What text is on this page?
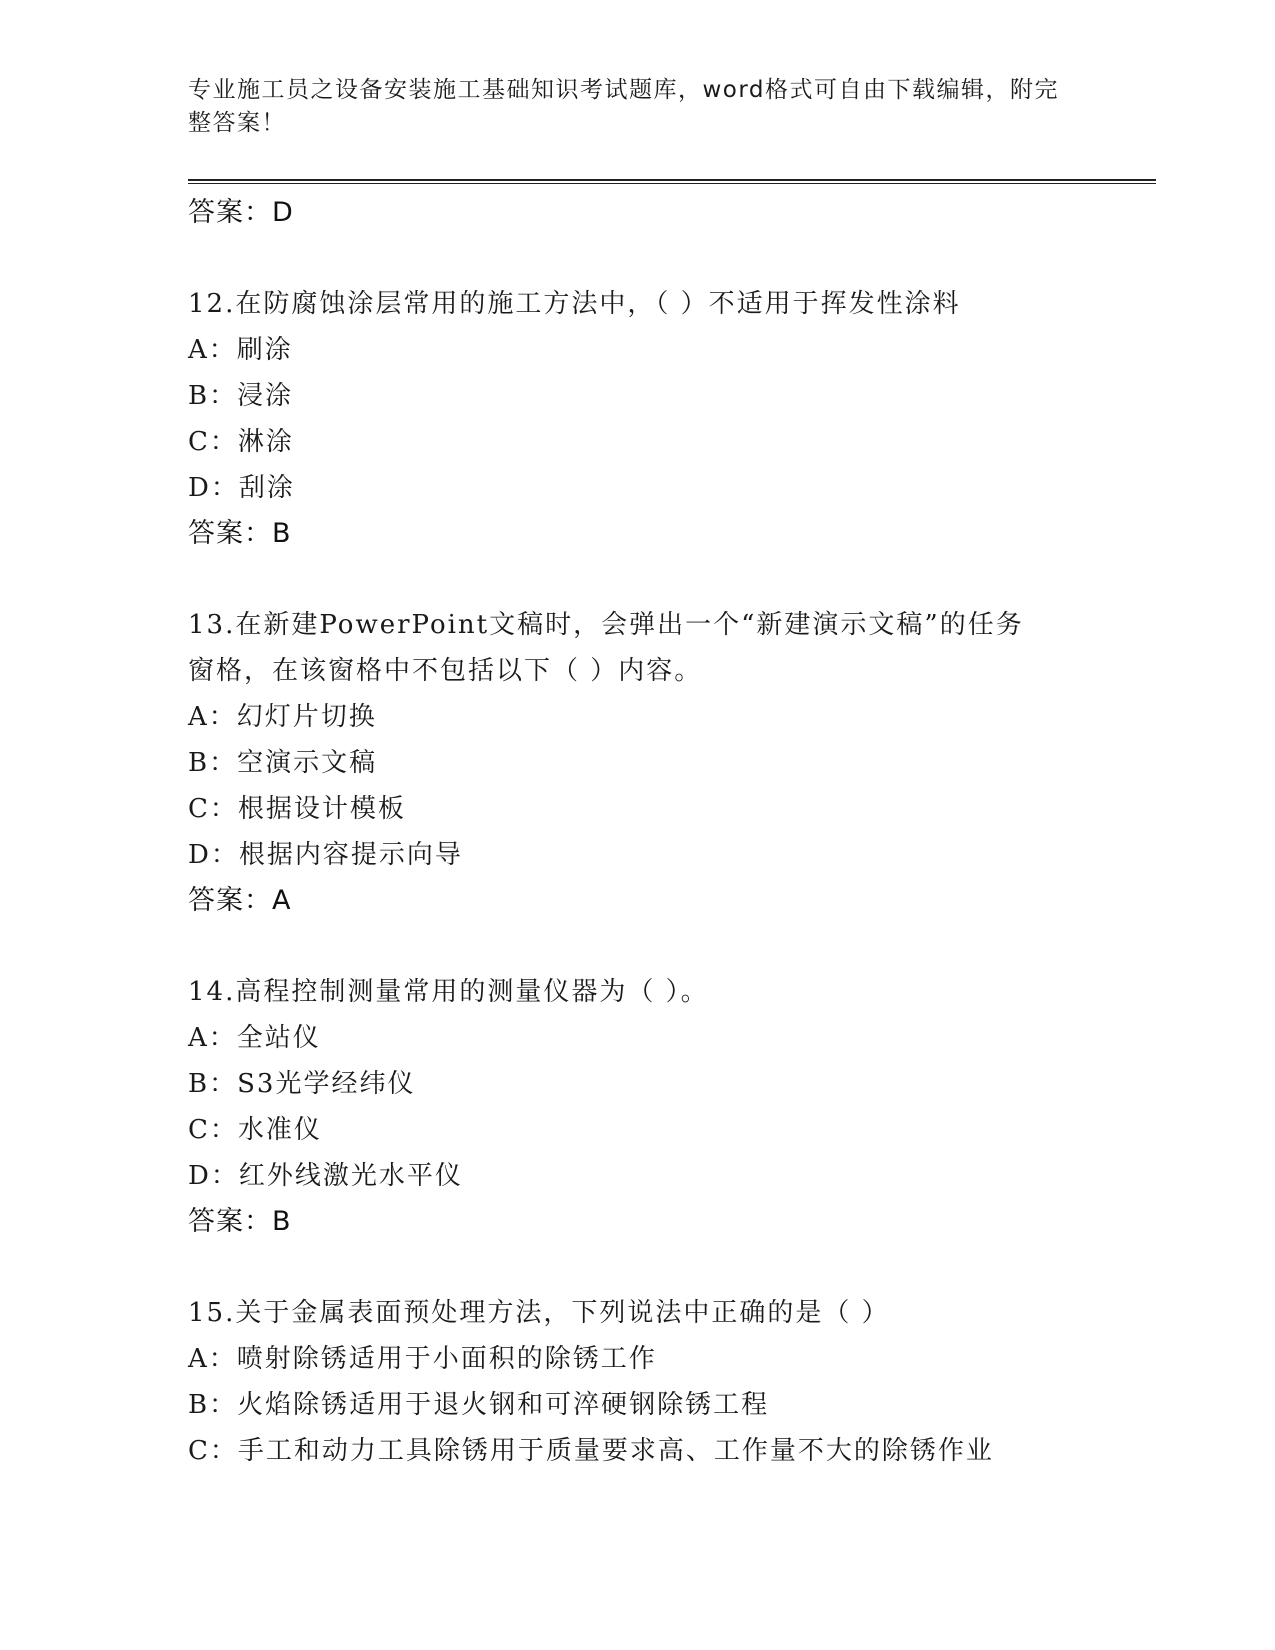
专业施工员之设备安装施工基础知识考试题库，word格式可自由下载编辑，附完整答案！
答案：D
12.在防腐蚀涂层常用的施工方法中，（ ）不适用于挥发性涂料
A：刷涂
B：浸涂
C：淋涂
D：刮涂
答案：B
13.在新建PowerPoint文稿时，会弹出一个“新建演示文稿”的任务
窗格，在该窗格中不包括以下（ ）内容。
A：幻灯片切换
B：空演示文稿
C：根据设计模板
D：根据内容提示向导
答案：A
14.高程控制测量常用的测量仪器为（ ）。
A：全站仪
B：S3光学经纬仪
C：水准仪
D：红外线激光水平仪
答案：B
15.关于金属表面预处理方法，下列说法中正确的是（ ）
A：喷射除锈适用于小面积的除锈工作
B：火焰除锈适用于退火钢和可淬硬钢除锈工程
C：手工和动力工具除锈用于质量要求高、工作量不大的除锈作业
